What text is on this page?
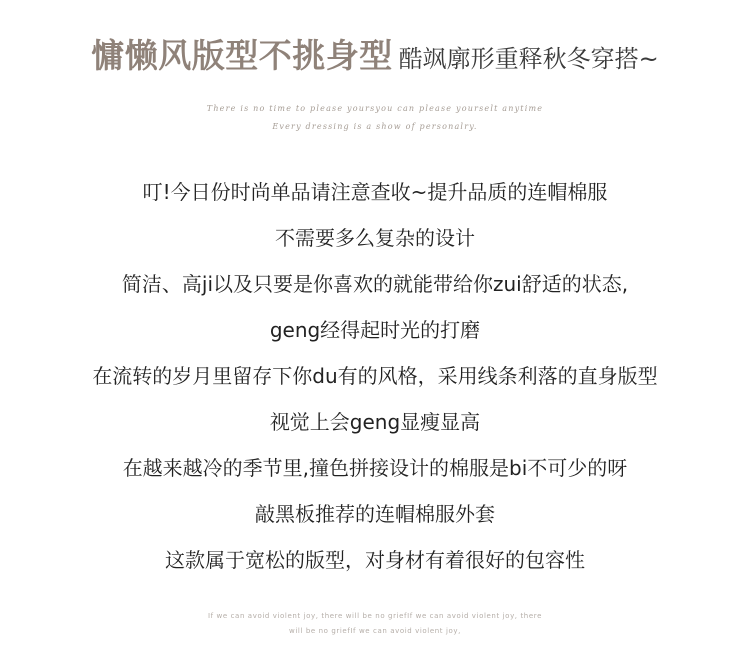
慵懒风版型不挑身型 酷飒廓形重释秋冬穿搭~
There is no time to please yoursyou can please yourselt anytime
Every dressing is a show of personalry.
叮!今日份时尚单品请注意查收~提升品质的连帽棉服
不需要多么复杂的设计
简洁、高ji以及只要是你喜欢的就能带给你zui舒适的状态,
geng经得起时光的打磨
在流转的岁月里留存下你du有的风格，采用线条利落的直身版型
视觉上会geng显瘦显高
在越来越冷的季节里,撞色拼接设计的棉服是bi不可少的呀
敲黑板推荐的连帽棉服外套
这款属于宽松的版型，对身材有着很好的包容性
If we can avoid violent joy, there will be no griefIf we can avoid violent joy, there
will be no griefIf we can avoid violent joy,
